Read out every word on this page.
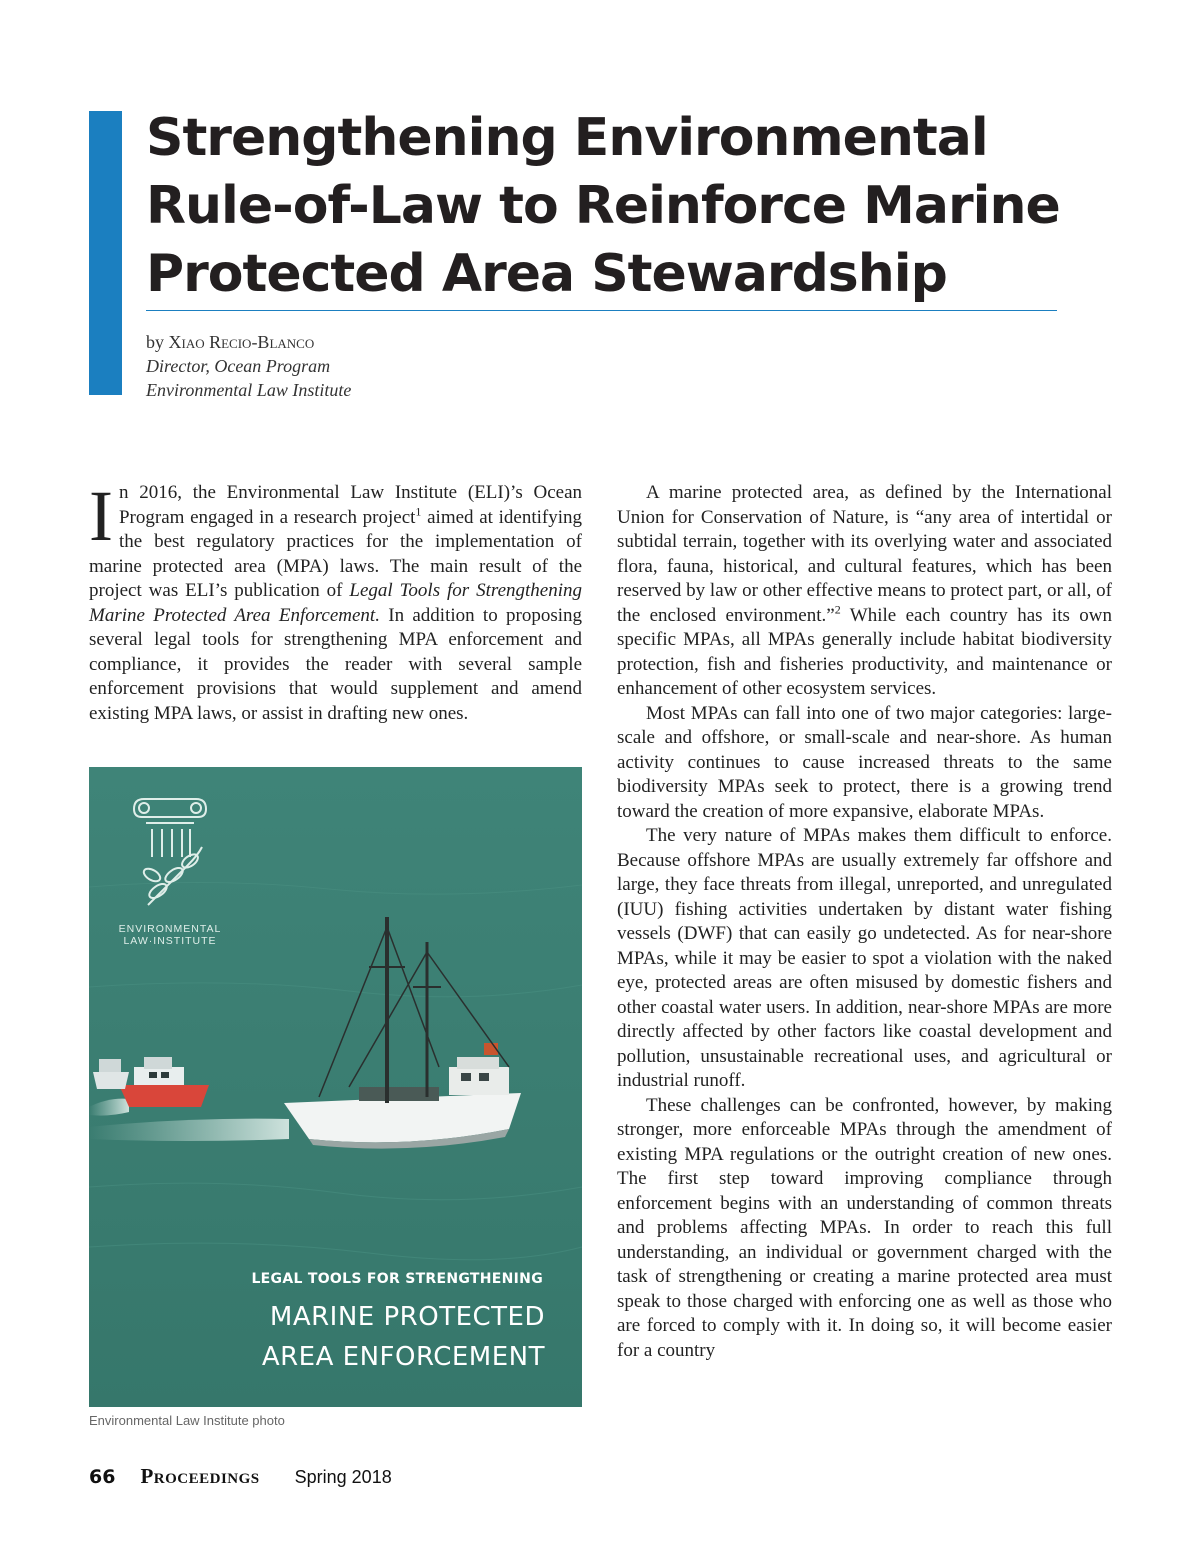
Strengthening Environmental
Rule-of-Law to Reinforce Marine
Protected Area Stewardship
by Xiao Recio-Blanco
Director, Ocean Program
Environmental Law Institute

In 2016, the Environmental Law Institute (ELI)’s Ocean Program engaged in a research project$^1$ aimed at identifying the best regulatory practices for the implementation of marine protected area (MPA) laws. The main result of the project was ELI’s publication of Legal Tools for Strengthening Marine Protected Area Enforcement. In addition to proposing several legal tools for strengthening MPA enforcement and compliance, it provides the reader with several sample enforcement provisions that would supplement and amend existing MPA laws, or assist in drafting new ones.

ENVIRONMENTAL
LAW·INSTITUTE
LEGAL TOOLS FOR STRENGTHENING
MARINE PROTECTED
AREA ENFORCEMENT
Environmental Law Institute photo

A marine protected area, as defined by the International Union for Conservation of Nature, is “any area of intertidal or subtidal terrain, together with its overlying water and associated flora, fauna, historical, and cultural features, which has been reserved by law or other effective means to protect part, or all, of the enclosed environment.”$^2$ While each country has its own specific MPAs, all MPAs generally include habitat biodiversity protection, fish and fisheries productivity, and maintenance or enhancement of other ecosystem services.

Most MPAs can fall into one of two major categories: large-scale and offshore, or small-scale and near-shore. As human activity continues to cause increased threats to the same biodiversity MPAs seek to protect, there is a growing trend toward the creation of more expansive, elaborate MPAs.

The very nature of MPAs makes them difficult to enforce. Because offshore MPAs are usually extremely far offshore and large, they face threats from illegal, unreported, and unregulated (IUU) fishing activities undertaken by distant water fishing vessels (DWF) that can easily go undetected. As for near-shore MPAs, while it may be easier to spot a violation with the naked eye, protected areas are often misused by domestic fishers and other coastal water users. In addition, near-shore MPAs are more directly affected by other factors like coastal development and pollution, unsustainable recreational uses, and agricultural or industrial runoff.

These challenges can be confronted, however, by making stronger, more enforceable MPAs through the amendment of existing MPA regulations or the outright creation of new ones. The first step toward improving compliance through enforcement begins with an understanding of common threats and problems affecting MPAs. In order to reach this full understanding, an individual or government charged with the task of strengthening or creating a marine protected area must speak to those charged with enforcing one as well as those who are forced to comply with it. In doing so, it will become easier for a country

66 Proceedings Spring 2018
